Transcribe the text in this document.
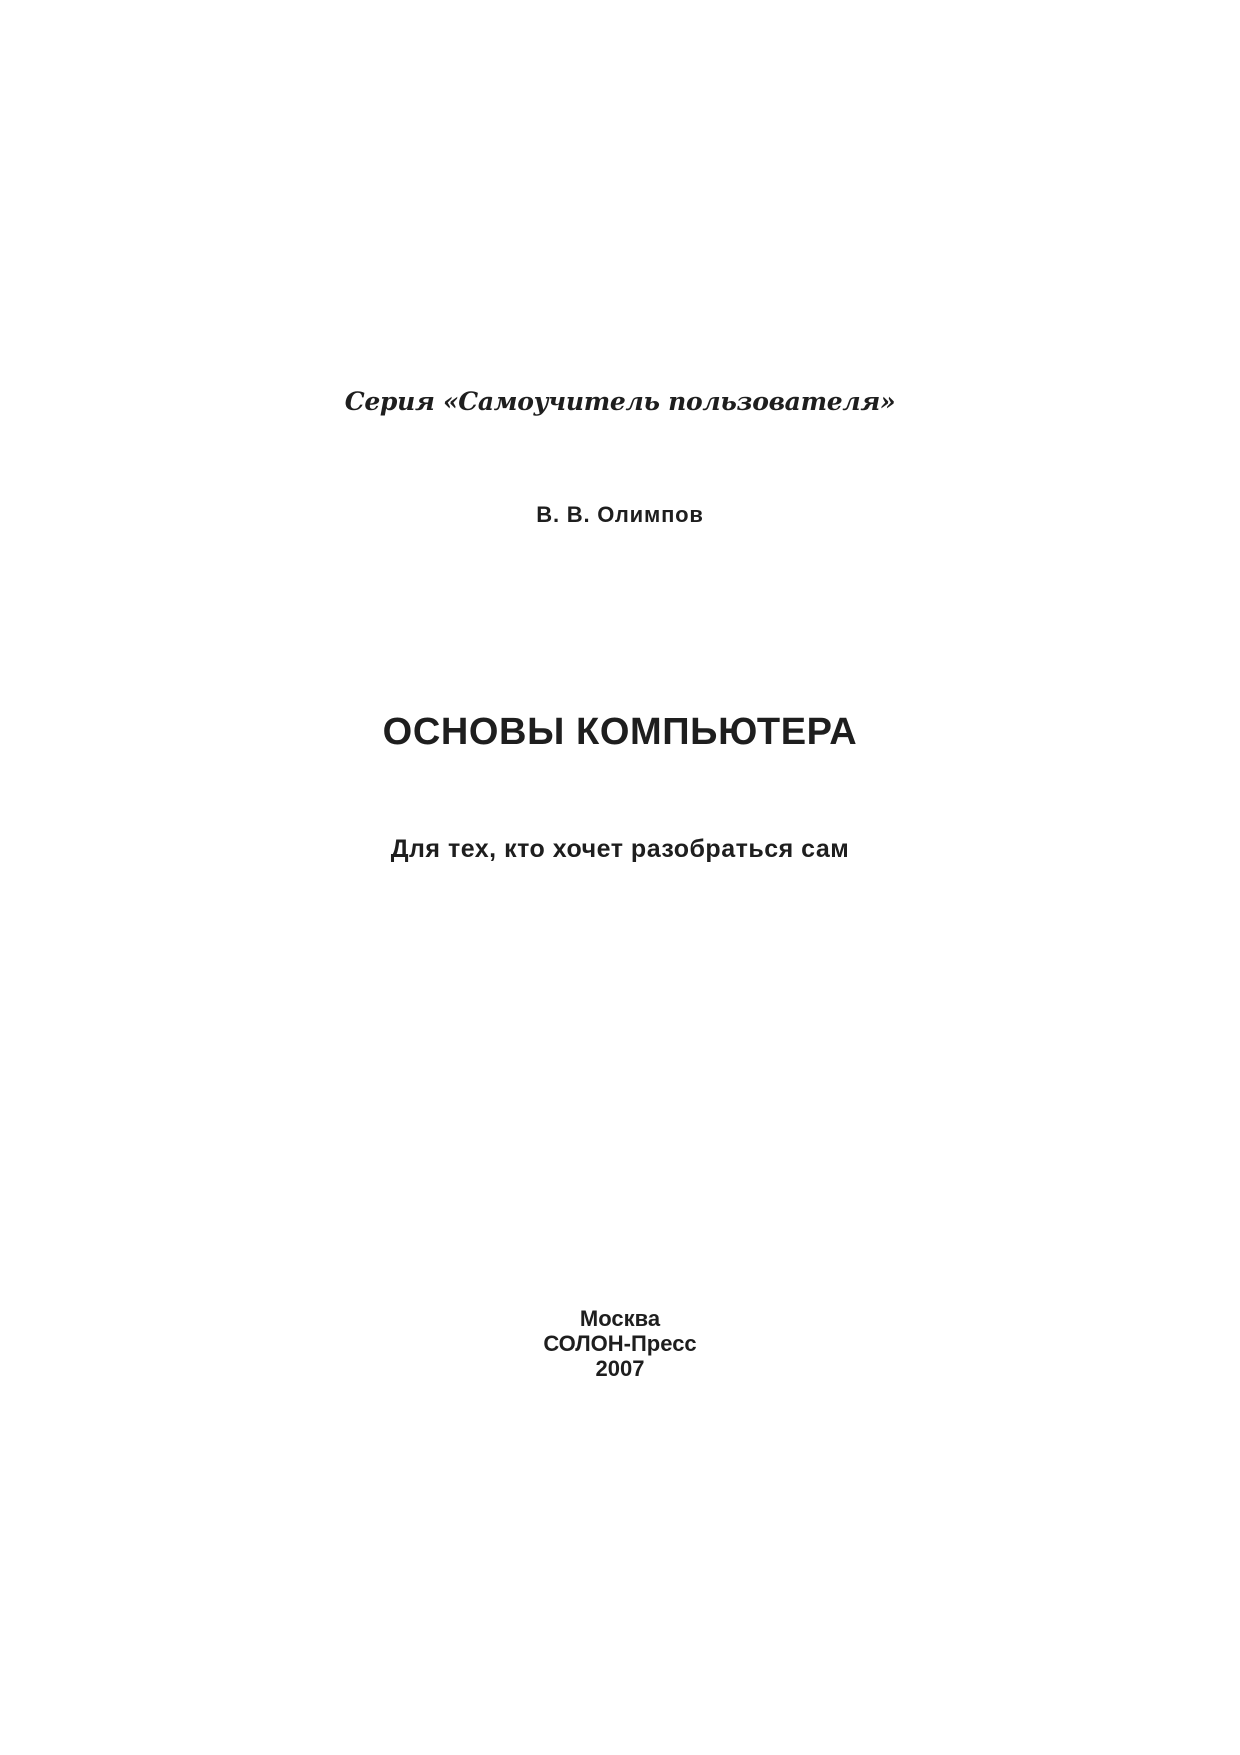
Серия «Самоучитель пользователя»

В. В. Олимпов

ОСНОВЫ КОМПЬЮТЕРА

Для тех, кто хочет разобраться сам

Москва
СОЛОН-Пресс
2007
